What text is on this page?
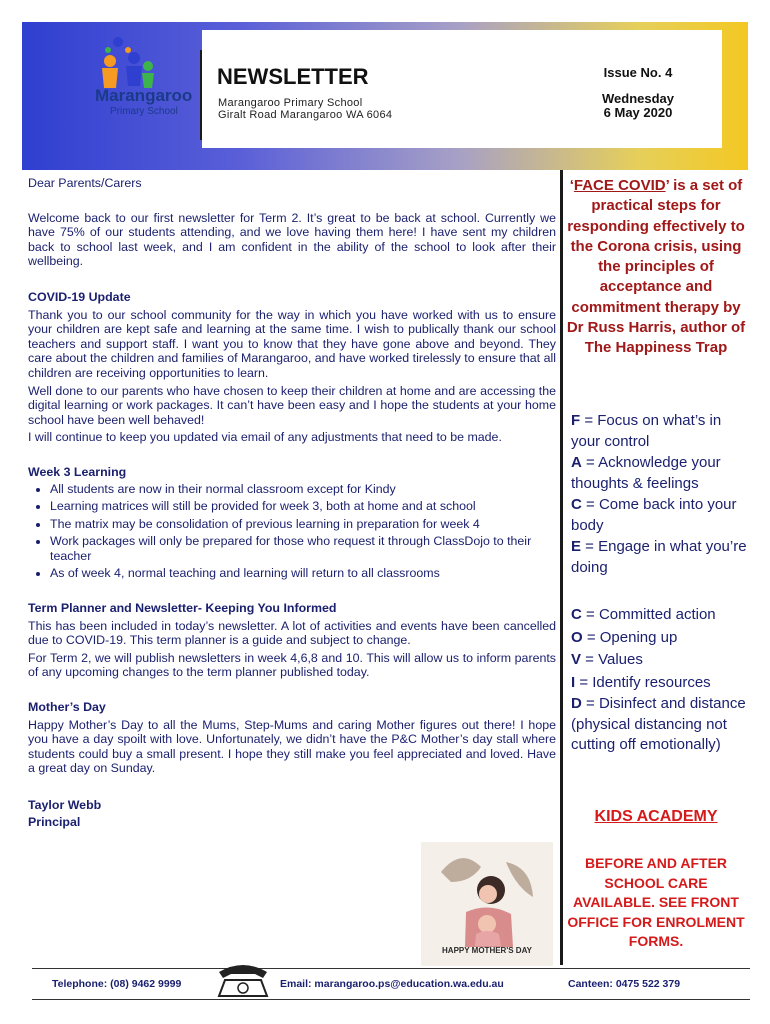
Marangaroo
Primary School
NEWSLETTER
Marangaroo Primary School
Giralt Road Marangaroo WA 6064
Issue No. 4
Wednesday
6 May 2020

Dear Parents/Carers

Welcome back to our first newsletter for Term 2. It’s great to be back at school. Currently we have 75% of our students attending, and we love having them here! I have sent my children back to school last week, and I am confident in the ability of the school to look after their wellbeing.

COVID-19 Update

Thank you to our school community for the way in which you have worked with us to ensure your children are kept safe and learning at the same time. I wish to publically thank our school teachers and support staff. I want you to know that they have gone above and beyond. They care about the children and families of Marangaroo, and have worked tirelessly to ensure that all children are receiving opportunities to learn.

Well done to our parents who have chosen to keep their children at home and are accessing the digital learning or work packages. It can’t have been easy and I hope the students at your home school have been well behaved!

I will continue to keep you updated via email of any adjustments that need to be made.

Week 3 Learning

• All students are now in their normal classroom except for Kindy
• Learning matrices will still be provided for week 3, both at home and at school
• The matrix may be consolidation of previous learning in preparation for week 4
• Work packages will only be prepared for those who request it through ClassDojo to their teacher
• As of week 4, normal teaching and learning will return to all classrooms

Term Planner and Newsletter- Keeping You Informed

This has been included in today’s newsletter. A lot of activities and events have been cancelled due to COVID-19. This term planner is a guide and subject to change.

For Term 2, we will publish newsletters in week 4,6,8 and 10. This will allow us to inform parents of any upcoming changes to the term planner published today.

Mother’s Day

Happy Mother’s Day to all the Mums, Step-Mums and caring Mother figures out there! I hope you have a day spoilt with love. Unfortunately, we didn’t have the P&C Mother’s day stall where students could buy a small present. I hope they still make you feel appreciated and loved. Have a great day on Sunday.

Taylor Webb

Principal

HAPPY MOTHER'S DAY
‘FACE COVID’ is a set of practical steps for responding effectively to the Corona crisis, using the principles of acceptance and commitment therapy by Dr Russ Harris, author of
The Happiness Trap
F = Focus on what’s in your control
A = Acknowledge your thoughts & feelings
C = Come back into your body
E = Engage in what you’re doing
C = Committed action
O = Opening up
V = Values
I = Identify resources
D = Disinfect and distance (physical distancing not cutting off emotionally)
KIDS ACADEMY
BEFORE AND AFTER SCHOOL CARE AVAILABLE. SEE FRONT OFFICE FOR ENROLMENT FORMS.
Telephone: (08) 9462 9999	Email: marangaroo.ps@education.wa.edu.au	Canteen: 0475 522 379
